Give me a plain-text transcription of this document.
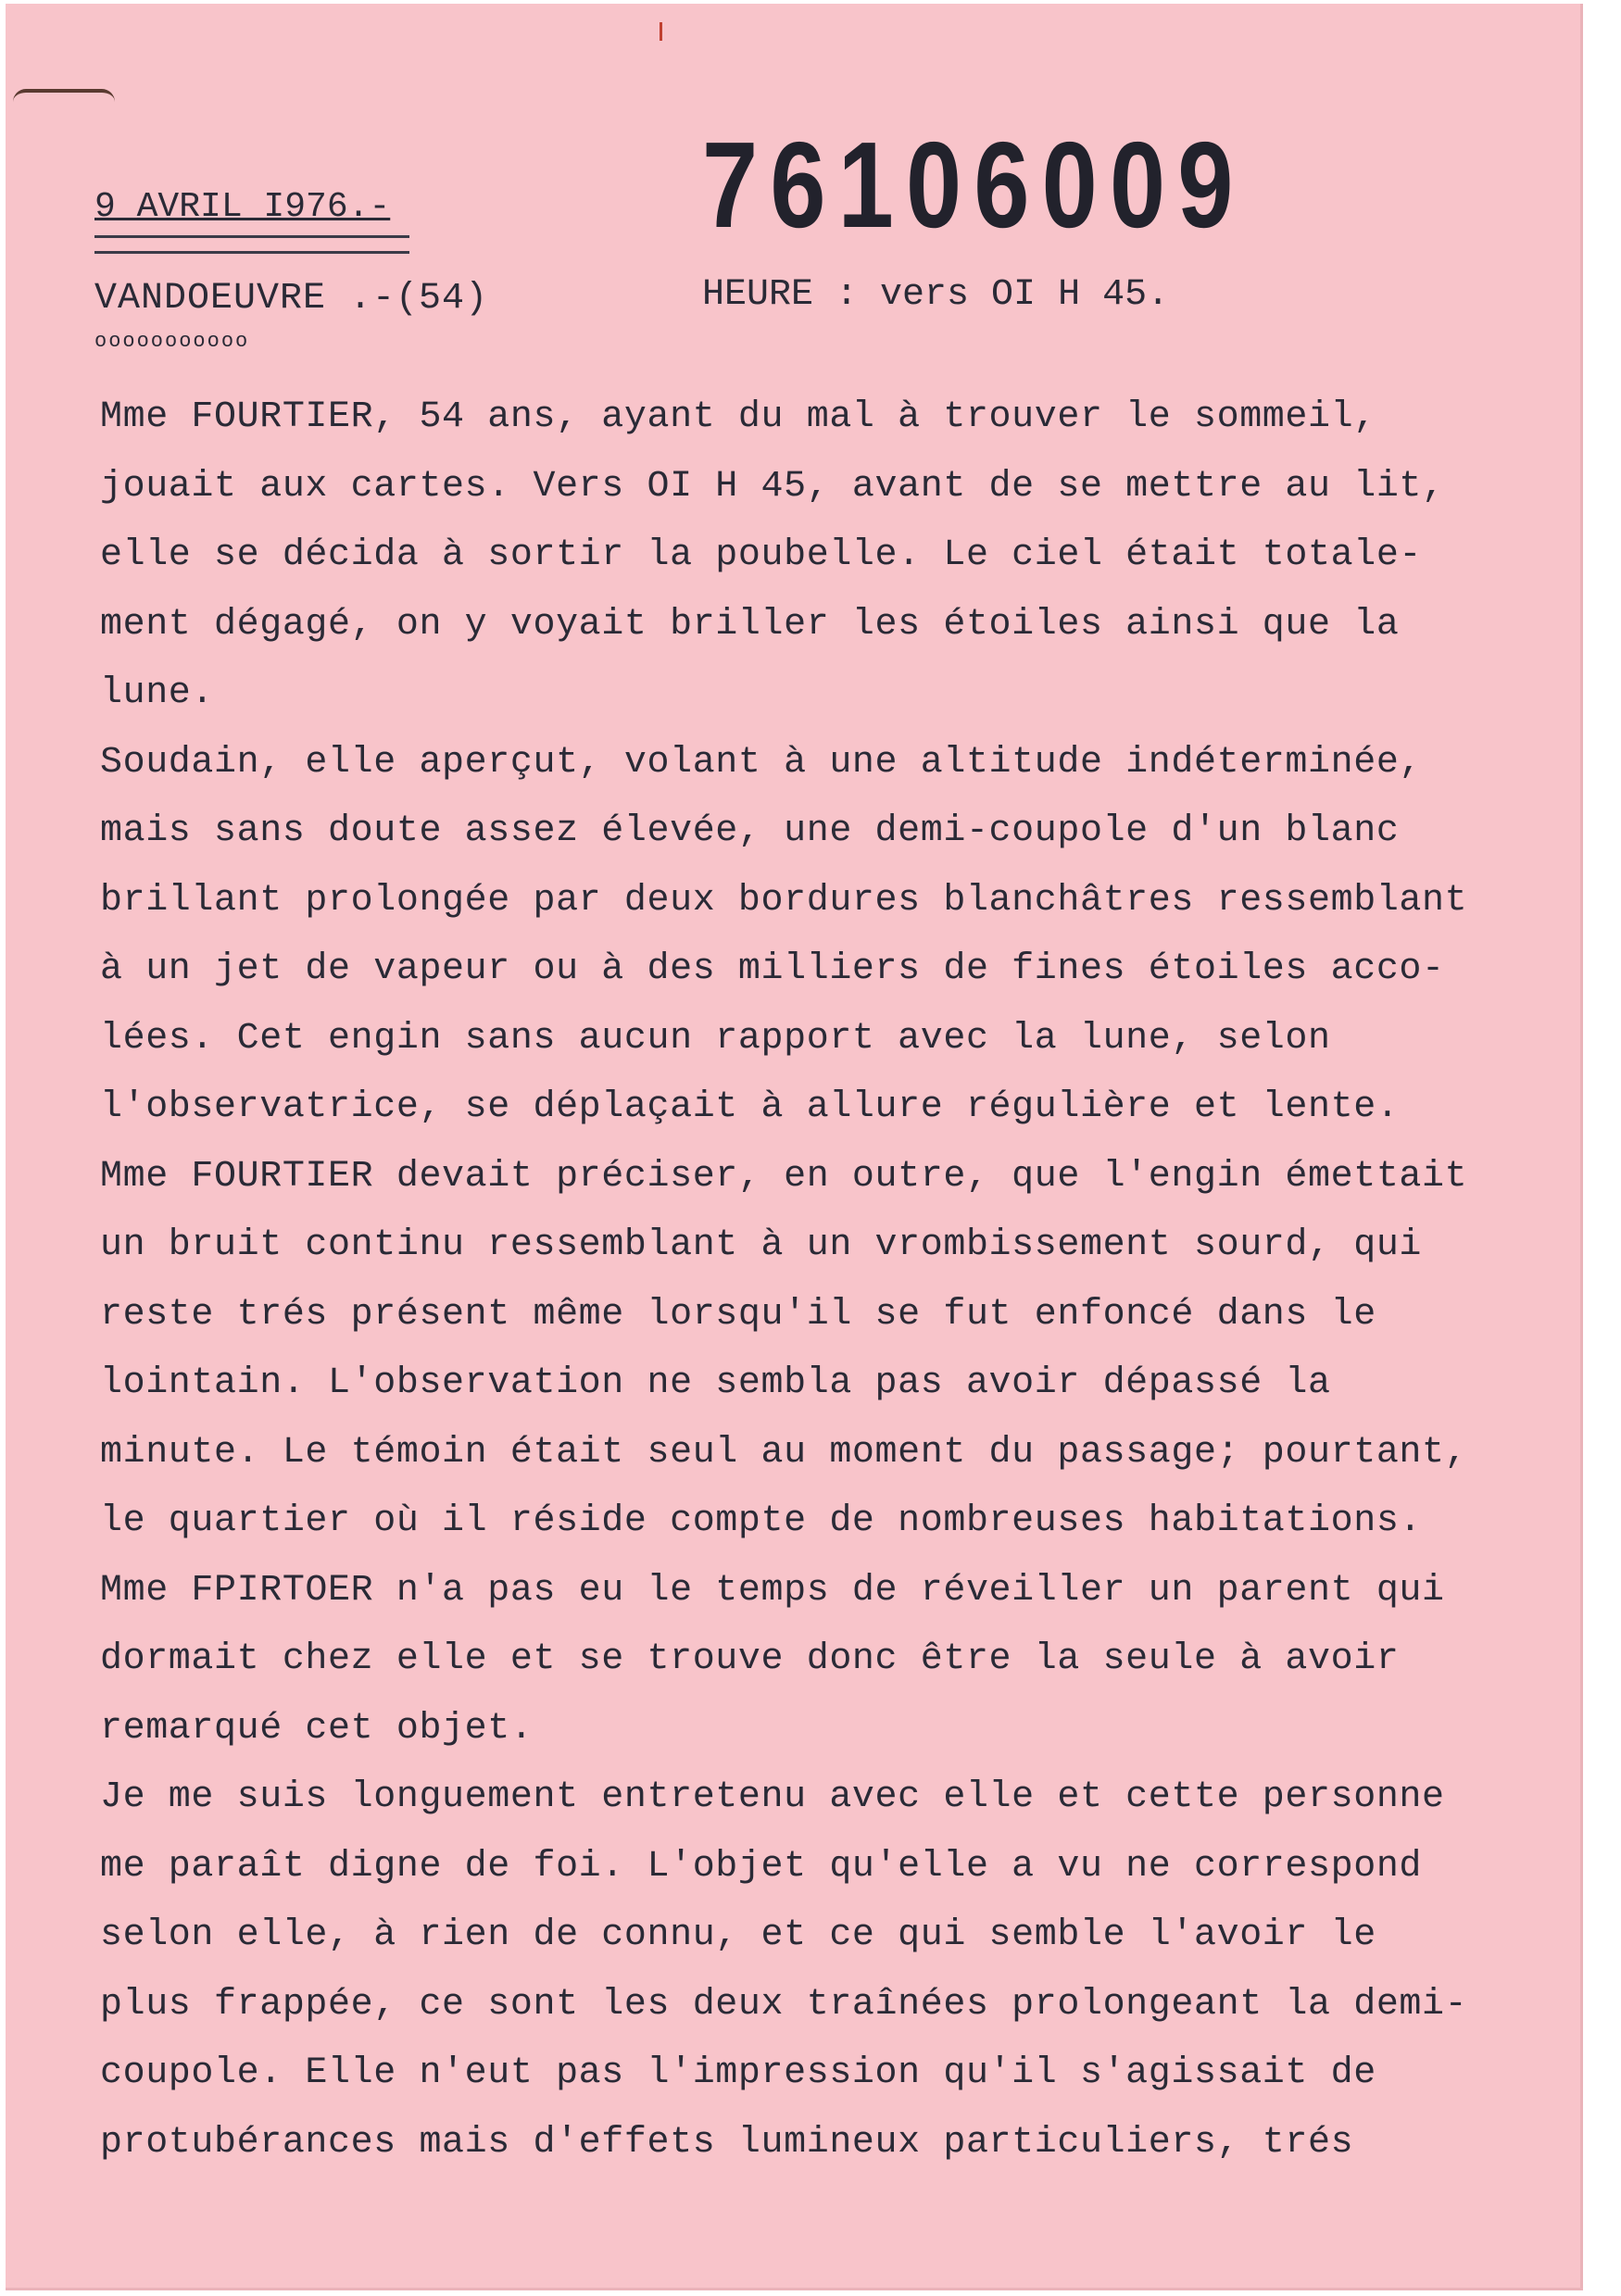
9 AVRIL I976.-
VANDOEUVRE .-(54)
ooooooooooo
76106009
HEURE : vers OI H 45.
Mme FOURTIER, 54 ans, ayant du mal à trouver le sommeil,
jouait aux cartes. Vers OI H 45, avant de se mettre au lit,
elle se décida à sortir la poubelle. Le ciel était totale-
ment dégagé, on y voyait briller les étoiles ainsi que la
lune.
Soudain, elle aperçut, volant à une altitude indéterminée,
mais sans doute assez élevée, une demi-coupole d'un blanc
brillant prolongée par deux bordures blanchâtres ressemblant
à un jet de vapeur ou à des milliers de fines étoiles acco-
lées. Cet engin sans aucun rapport avec la lune, selon
l'observatrice, se déplaçait à allure régulière et lente.
Mme FOURTIER devait préciser, en outre, que l'engin émettait
un bruit continu ressemblant à un vrombissement sourd, qui
reste trés présent même lorsqu'il se fut enfoncé dans le
lointain. L'observation ne sembla pas avoir dépassé la
minute. Le témoin était seul au moment du passage; pourtant,
le quartier où il réside compte de nombreuses habitations.
Mme FPIRTOER n'a pas eu le temps de réveiller un parent qui
dormait chez elle et se trouve donc être la seule à avoir
remarqué cet objet.
Je me suis longuement entretenu avec elle et cette personne
me paraît digne de foi. L'objet qu'elle a vu ne correspond
selon elle, à rien de connu, et ce qui semble l'avoir le
plus frappée, ce sont les deux traînées prolongeant la demi-
coupole. Elle n'eut pas l'impression qu'il s'agissait de
protubérances mais d'effets lumineux particuliers, trés
